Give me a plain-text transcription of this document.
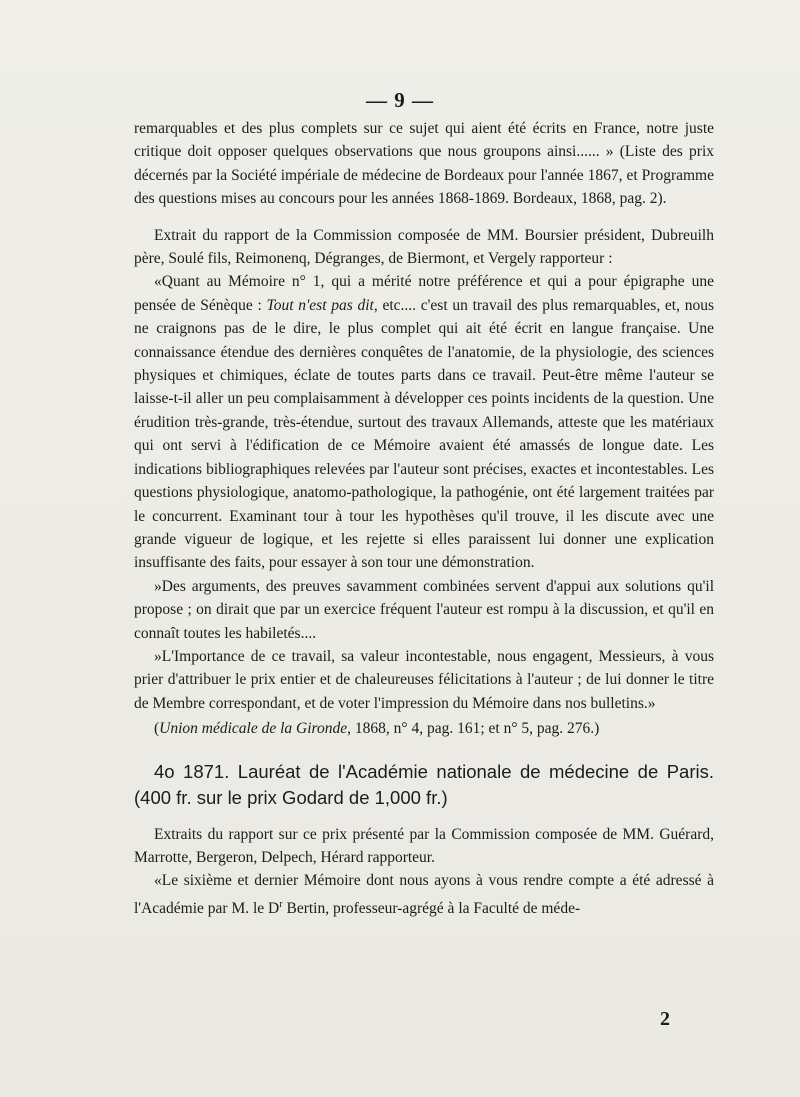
— 9 —

remarquables et des plus complets sur ce sujet qui aient été écrits en France, notre juste critique doit opposer quelques observations que nous groupons ainsi...... » (Liste des prix décernés par la Société impériale de médecine de Bordeaux pour l'année 1867, et Programme des questions mises au concours pour les années 1868-1869. Bordeaux, 1868, pag. 2).

Extrait du rapport de la Commission composée de MM. Boursier président, Dubreuilh père, Soulé fils, Reimonenq, Dégranges, de Biermont, et Vergely rapporteur :

«Quant au Mémoire n° 1, qui a mérité notre préférence et qui a pour épigraphe une pensée de Sénèque : Tout n'est pas dit, etc.... c'est un travail des plus remarquables, et, nous ne craignons pas de le dire, le plus complet qui ait été écrit en langue française. Une connaissance étendue des dernières conquêtes de l'anatomie, de la physiologie, des sciences physiques et chimiques, éclate de toutes parts dans ce travail. Peut-être même l'auteur se laisse-t-il aller un peu complaisamment à développer ces points incidents de la question. Une érudition très-grande, très-étendue, surtout des travaux Allemands, atteste que les matériaux qui ont servi à l'édification de ce Mémoire avaient été amassés de longue date. Les indications bibliographiques relevées par l'auteur sont précises, exactes et incontestables. Les questions physiologique, anatomo-pathologique, la pathogénie, ont été largement traitées par le concurrent. Examinant tour à tour les hypothèses qu'il trouve, il les discute avec une grande vigueur de logique, et les rejette si elles paraissent lui donner une explication insuffisante des faits, pour essayer à son tour une démonstration.

»Des arguments, des preuves savamment combinées servent d'appui aux solutions qu'il propose ; on dirait que par un exercice fréquent l'auteur est rompu à la discussion, et qu'il en connaît toutes les habiletés....

»L'Importance de ce travail, sa valeur incontestable, nous engagent, Messieurs, à vous prier d'attribuer le prix entier et de chaleureuses félicitations à l'auteur ; de lui donner le titre de Membre correspondant, et de voter l'impression du Mémoire dans nos bulletins.»

(Union médicale de la Gironde, 1868, n° 4, pag. 161; et n° 5, pag. 276.)

4o 1871. Lauréat de l'Académie nationale de médecine de Paris. (400 fr. sur le prix Godard de 1,000 fr.)

Extraits du rapport sur ce prix présenté par la Commission composée de MM. Guérard, Marrotte, Bergeron, Delpech, Hérard rapporteur.

«Le sixième et dernier Mémoire dont nous ayons à vous rendre compte a été adressé à l'Académie par M. le $D^r$ Bertin, professeur-agrégé à la Faculté de méde-

2
